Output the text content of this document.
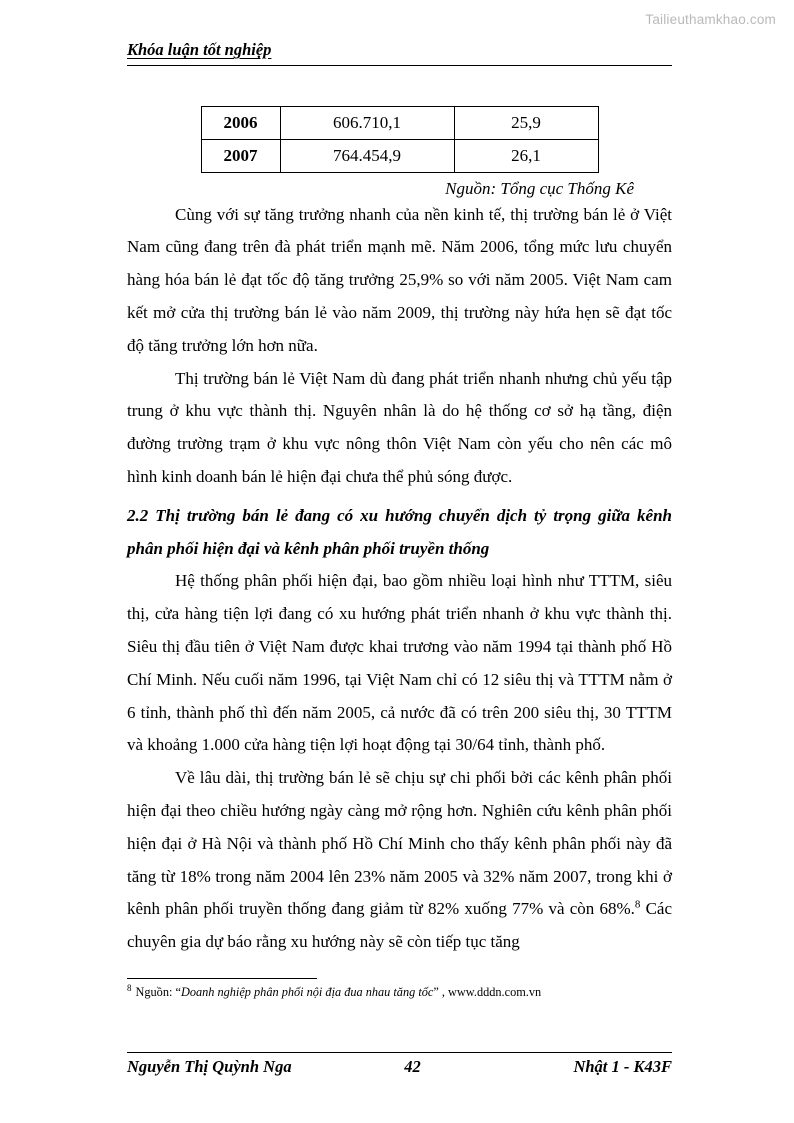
Tailieuthamkhao.com
Khóa luận tốt nghiệp
2006	606.710,1	25,9
2007	764.454,9	26,1
Nguồn: Tổng cục Thống Kê

Cùng với sự tăng trưởng nhanh của nền kinh tế, thị trường bán lẻ ở Việt Nam cũng đang trên đà phát triển mạnh mẽ. Năm 2006, tổng mức lưu chuyển hàng hóa bán lẻ đạt tốc độ tăng trưởng 25,9% so với năm 2005. Việt Nam cam kết mở cửa thị trường bán lẻ vào năm 2009, thị trường này hứa hẹn sẽ đạt tốc độ tăng trưởng lớn hơn nữa.

Thị trường bán lẻ Việt Nam dù đang phát triển nhanh nhưng chủ yếu tập trung ở khu vực thành thị. Nguyên nhân là do hệ thống cơ sở hạ tầng, điện đường trường trạm ở khu vực nông thôn Việt Nam còn yếu cho nên các mô hình kinh doanh bán lẻ hiện đại chưa thể phủ sóng được.

2.2 Thị trường bán lẻ đang có xu hướng chuyển dịch tỷ trọng giữa kênh phân phối hiện đại và kênh phân phối truyền thống

Hệ thống phân phối hiện đại, bao gồm nhiều loại hình như TTTM, siêu thị, cửa hàng tiện lợi đang có xu hướng phát triển nhanh ở khu vực thành thị. Siêu thị đầu tiên ở Việt Nam được khai trương vào năm 1994 tại thành phố Hồ Chí Minh. Nếu cuối năm 1996, tại Việt Nam chỉ có 12 siêu thị và TTTM nằm ở 6 tỉnh, thành phố thì đến năm 2005, cả nước đã có trên 200 siêu thị, 30 TTTM và khoảng 1.000 cửa hàng tiện lợi hoạt động tại 30/64 tỉnh, thành phố.

Về lâu dài, thị trường bán lẻ sẽ chịu sự chi phối bởi các kênh phân phối hiện đại theo chiều hướng ngày càng mở rộng hơn. Nghiên cứu kênh phân phối hiện đại ở Hà Nội và thành phố Hồ Chí Minh cho thấy kênh phân phối này đã tăng từ 18% trong năm 2004 lên 23% năm 2005 và 32% năm 2007, trong khi ở kênh phân phối truyền thống đang giảm từ 82% xuống 77% và còn 68%.$^8$ Các chuyên gia dự báo rằng xu hướng này sẽ còn tiếp tục tăng

$^8$ Nguồn: “Doanh nghiệp phân phối nội địa đua nhau tăng tốc” , www.dddn.com.vn
Nguyễn Thị Quỳnh Nga	42	Nhật 1 - K43F
